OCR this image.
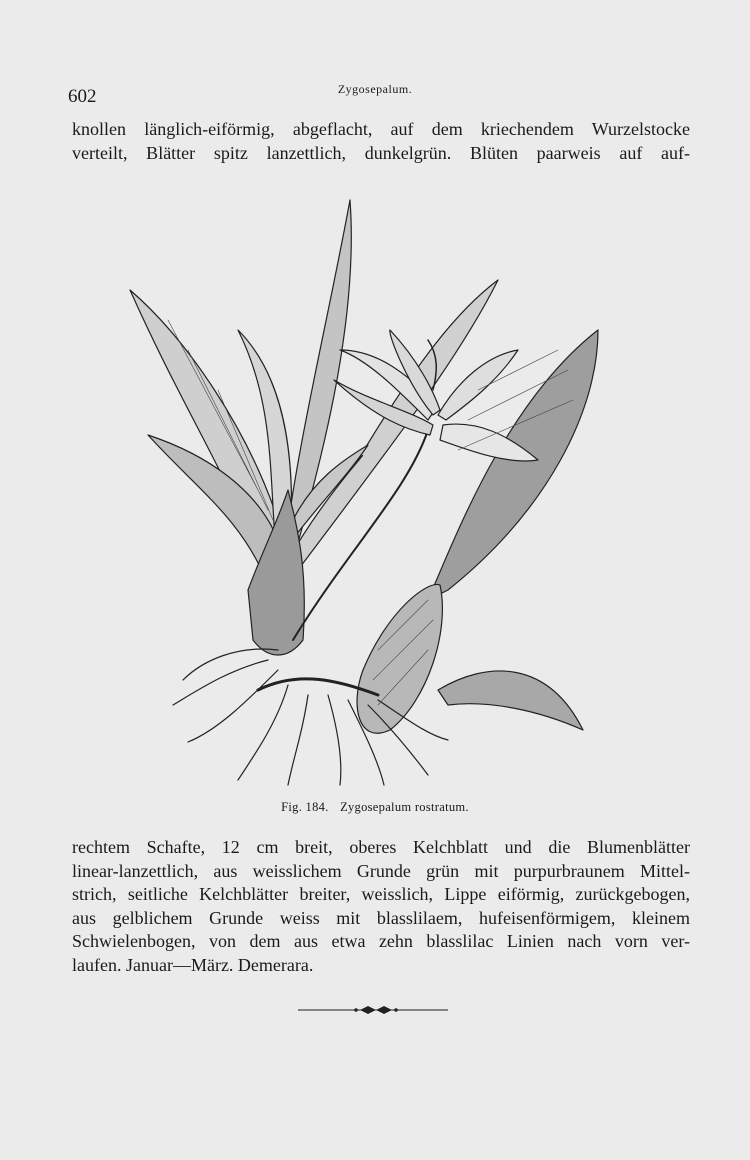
602	Zygosepalum.
knollen länglich-eiförmig, abgeflacht, auf dem kriechendem Wurzelstocke
verteilt, Blätter spitz lanzettlich, dunkelgrün. Blüten paarweis auf auf-
Fig. 184. Zygosepalum rostratum.
rechtem Schafte, 12 cm breit, oberes Kelchblatt und die Blumenblätter
linear-lanzettlich, aus weisslichem Grunde grün mit purpurbraunem Mittel-
strich, seitliche Kelchblätter breiter, weisslich, Lippe eiförmig, zurückgebogen,
aus gelblichem Grunde weiss mit blasslilaem, hufeisenförmigem, kleinem
Schwielenbogen, von dem aus etwa zehn blasslilac Linien nach vorn ver-
laufen. Januar—März. Demerara.
